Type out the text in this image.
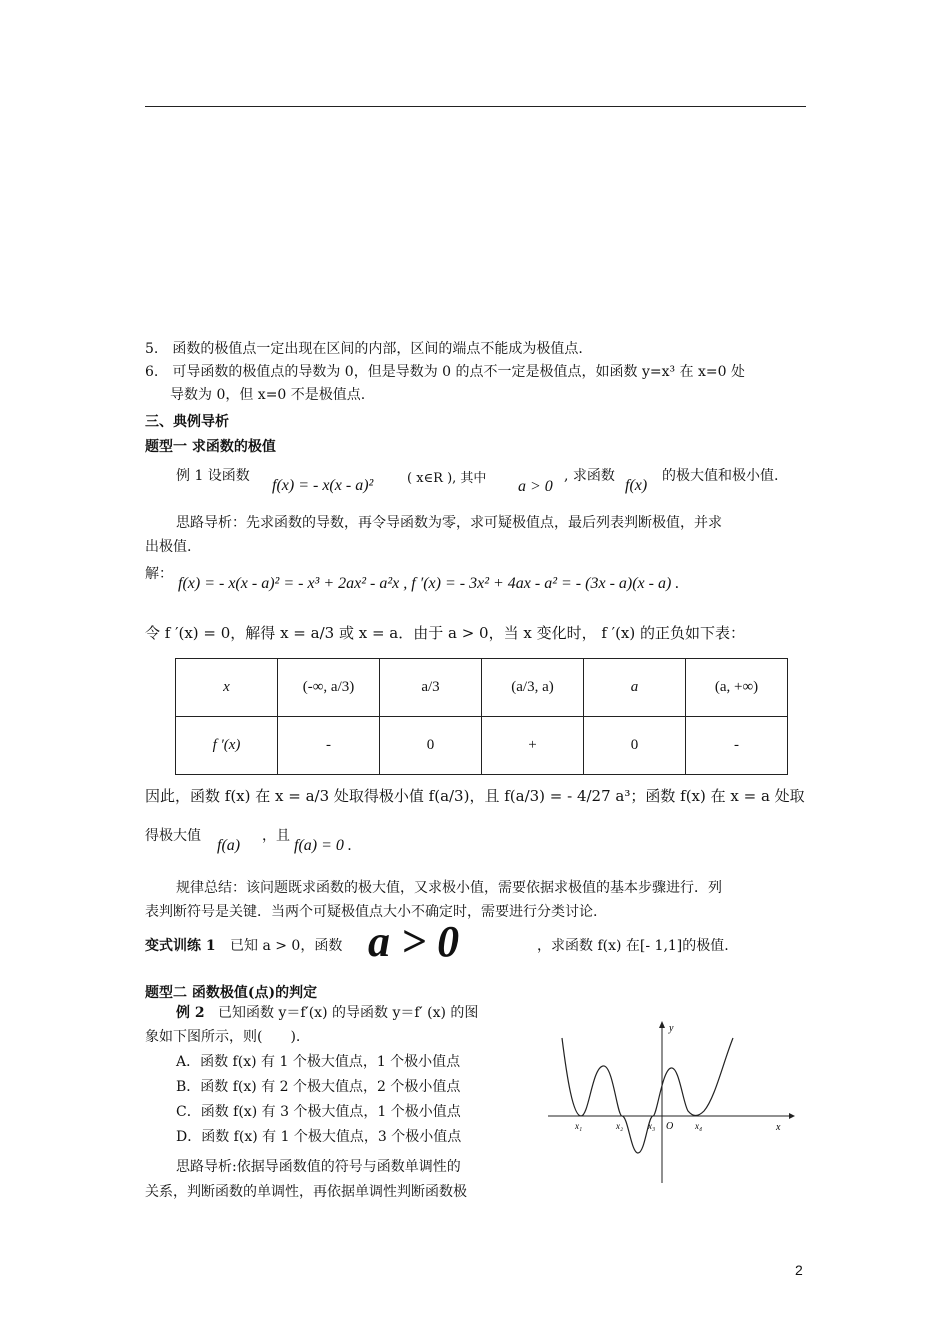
5.　函数的极值点一定出现在区间的内部，区间的端点不能成为极值点.
6.　可导函数的极值点的导数为 0，但是导数为 0 的点不一定是极值点，如函数 y=x³ 在 x=0 处
导数为 0，但 x=0 不是极值点.
三、典例导析
题型一 求函数的极值
例 1 设函数
f(x) = - x(x - a)²	( x∈R ), 其中 a > 0
, 求函数
f(x)
的极大值和极小值.
思路导析：先求函数的导数，再令导函数为零，求可疑极值点，最后列表判断极值，并求
出极值.
解：
f(x) = - x(x - a)² = - x³ + 2ax² - a²x , f ′(x) = - 3x² + 4ax - a² = - (3x - a)(x - a) .
令 f ′(x) = 0，解得 x = a/3 或 x = a．由于 a > 0，当 x 变化时， f ′(x) 的正负如下表：
x	(-∞, a/3)	a/3	(a/3, a)	a	(a, +∞)
f ′(x)	-	0	+	0	-
因此，函数 f(x) 在 x = a/3 处取得极小值 f(a/3)，且 f(a/3) = - 4/27 a³；函数 f(x) 在 x = a 处取
得极大值
f(a)
，且
f(a) = 0 .
规律总结：该问题既求函数的极大值，又求极小值，需要依据求极值的基本步骤进行．列
表判断符号是关键．当两个可疑极值点大小不确定时，需要进行分类讨论.
变式训练 1 已知 a > 0，函数 a > 0	，求函数 f(x) 在[- 1,1]的极值.
题型二 函数极值(点)的判定
例 2 已知函数 y＝f′(x) 的导函数 y＝f′ (x) 的图
象如下图所示，则(　　).
A．函数 f(x) 有 1 个极大值点，1 个极小值点
B．函数 f(x) 有 2 个极大值点，2 个极小值点
C．函数 f(x) 有 3 个极大值点，1 个极小值点
D．函数 f(x) 有 1 个极大值点，3 个极小值点
思路导析:依据导函数值的符号与函数单调性的
关系，判断函数的单调性，再依据单调性判断函数极
y
x
O
x₁	x₂	x₃	x₄
2
